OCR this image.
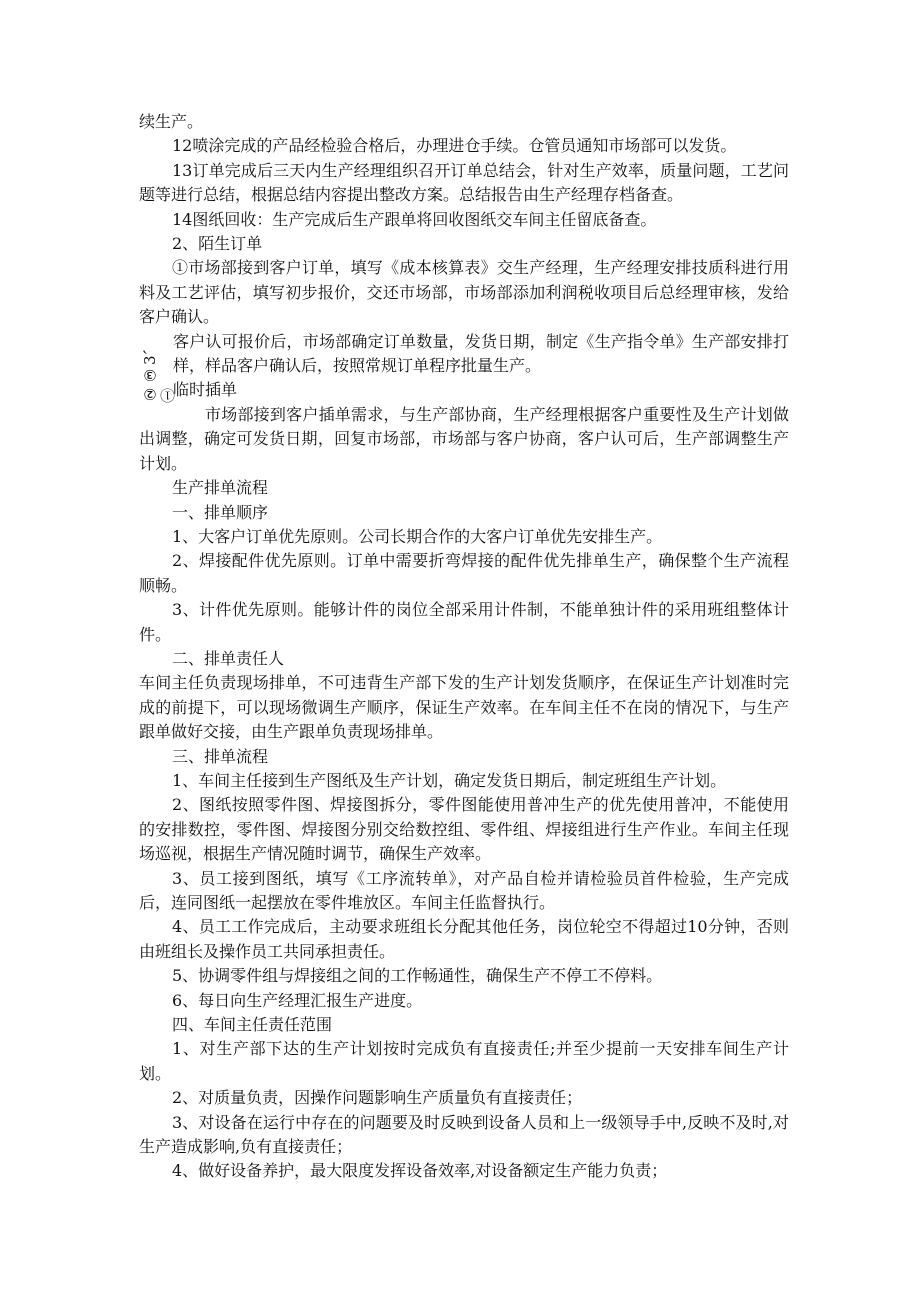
续生产。

12喷涂完成的产品经检验合格后，办理进仓手续。仓管员通知市场部可以发货。

13订单完成后三天内生产经理组织召开订单总结会，针对生产效率，质量问题，工艺问题等进行总结，根据总结内容提出整改方案。总结报告由生产经理存档备查。

14图纸回收：生产完成后生产跟单将回收图纸交车间主任留底备查。

2、陌生订单

①市场部接到客户订单，填写《成本核算表》交生产经理，生产经理安排技质科进行用料及工艺评估，填写初步报价，交还市场部，市场部添加利润税收项目后总经理审核，发给客户确认。

②③3、①

客户认可报价后，市场部确定订单数量，发货日期，制定《生产指令单》生产部安排打样，样品客户确认后，按照常规订单程序批量生产。

临时插单

市场部接到客户插单需求，与生产部协商，生产经理根据客户重要性及生产计划做出调整，确定可发货日期，回复市场部，市场部与客户协商，客户认可后，生产部调整生产计划。

生产排单流程

一、排单顺序

1、大客户订单优先原则。公司长期合作的大客户订单优先安排生产。

2、焊接配件优先原则。订单中需要折弯焊接的配件优先排单生产，确保整个生产流程顺畅。

3、计件优先原则。能够计件的岗位全部采用计件制，不能单独计件的采用班组整体计件。

二、排单责任人

车间主任负责现场排单，不可违背生产部下发的生产计划发货顺序，在保证生产计划准时完成的前提下，可以现场微调生产顺序，保证生产效率。在车间主任不在岗的情况下，与生产跟单做好交接，由生产跟单负责现场排单。

三、排单流程

1、车间主任接到生产图纸及生产计划，确定发货日期后，制定班组生产计划。

2、图纸按照零件图、焊接图拆分，零件图能使用普冲生产的优先使用普冲，不能使用的安排数控，零件图、焊接图分别交给数控组、零件组、焊接组进行生产作业。车间主任现场巡视，根据生产情况随时调节，确保生产效率。

3、员工接到图纸，填写《工序流转单》，对产品自检并请检验员首件检验，生产完成后，连同图纸一起摆放在零件堆放区。车间主任监督执行。

4、员工工作完成后，主动要求班组长分配其他任务，岗位轮空不得超过10分钟，否则由班组长及操作员工共同承担责任。

5、协调零件组与焊接组之间的工作畅通性，确保生产不停工不停料。

6、每日向生产经理汇报生产进度。

四、车间主任责任范围

1、对生产部下达的生产计划按时完成负有直接责任;并至少提前一天安排车间生产计划。

2、对质量负责，因操作问题影响生产质量负有直接责任；

3、对设备在运行中存在的问题要及时反映到设备人员和上一级领导手中,反映不及时,对生产造成影响,负有直接责任；

4、做好设备养护，最大限度发挥设备效率,对设备额定生产能力负责；
